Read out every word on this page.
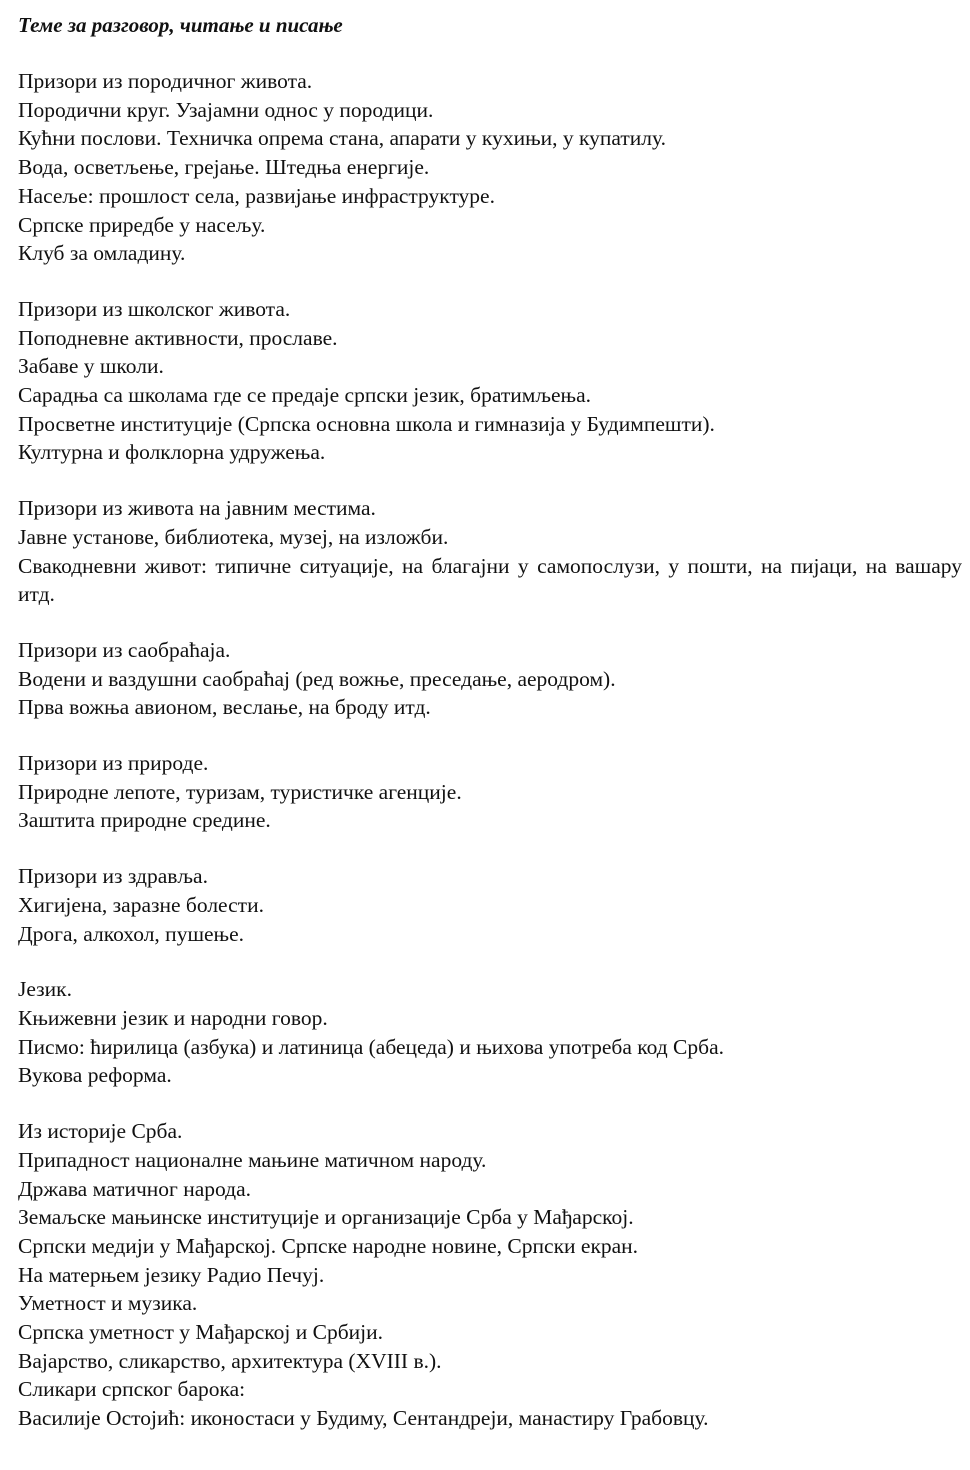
Теме за разговор, читање и писање
Призори из породичног живота.
Породични круг. Узајамни однос у породици.
Кућни послови. Техничка опрема стана, апарати у кухињи, у купатилу.
Вода, осветљење, грејање. Штедња енергије.
Насеље: прошлост села, развијање инфраструктуре.
Српске приредбе у насељу.
Клуб за омладину.
Призори из школског живота.
Поподневне активности, прославе.
Забаве у школи.
Сарадња са школама где се предаје српски језик, братимљења.
Просветне институције (Српска основна школа и гимназија у Будимпешти).
Културна и фолклорна удружења.
Призори из живота на јавним местима.
Јавне установе, библиотека, музеј, на изложби.
Свакодневни живот: типичне ситуације, на благајни у самопослузи, у пошти, на пијаци, на вашару итд.
Призори из саобраћаја.
Водени и ваздушни саобраћај (ред вожње, преседање, аеродром).
Прва вожња авионом, веслање, на броду итд.
Призори из природе.
Природне лепоте, туризам, туристичке агенције.
Заштита природне средине.
Призори из здравља.
Хигијена, заразне болести.
Дрога, алкохол, пушење.
Језик.
Књижевни језик и народни говор.
Писмо: ћирилица (азбука) и латиница (абецеда) и њихова употреба код Срба.
Вукова реформа.
Из историје Срба.
Припадност националне мањине матичном народу.
Држава матичног народа.
Земаљске мањинске институције и организације Срба у Мађарској.
Српски медији у Мађарској. Српске народне новине, Српски екран.
На матерњем језику Радио Печуј.
Уметност и музика.
Српска уметност у Мађарској и Србији.
Вајарство, сликарство, архитектура (XVIII в.).
Сликари српског барока:
Василије Остојић: иконостаси у Будиму, Сентандреји, манастиру Грабовцу.
